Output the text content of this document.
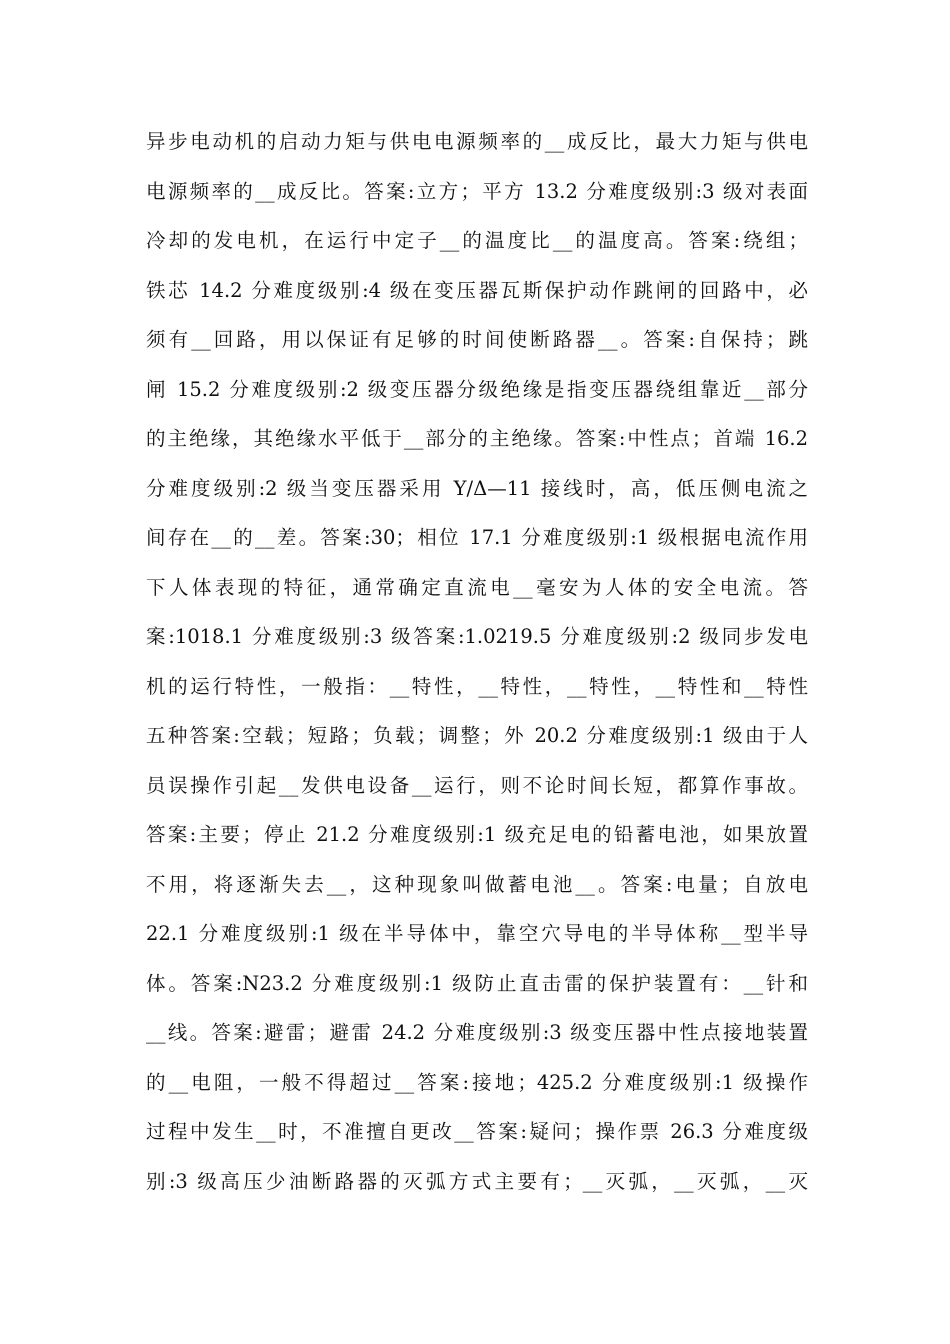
异步电动机的启动力矩与供电电源频率的__成反比，最大力矩与供电
电源频率的__成反比。答案:立方；平方 13.2 分难度级别:3 级对表面
冷却的发电机，在运行中定子__的温度比__的温度高。答案:绕组；
铁芯 14.2 分难度级别:4 级在变压器瓦斯保护动作跳闸的回路中，必
须有__回路，用以保证有足够的时间使断路器__。答案:自保持；跳
闸 15.2 分难度级别:2 级变压器分级绝缘是指变压器绕组靠近__部分
的主绝缘，其绝缘水平低于__部分的主绝缘。答案:中性点；首端 16.2
分难度级别:2 级当变压器采用 Y/Δ—11 接线时，高，低压侧电流之
间存在__的__差。答案:30；相位 17.1 分难度级别:1 级根据电流作用
下人体表现的特征，通常确定直流电__毫安为人体的安全电流。答
案:1018.1 分难度级别:3 级答案:1.0219.5 分难度级别:2 级同步发电
机的运行特性，一般指：__特性，__特性，__特性，__特性和__特性
五种答案:空载；短路；负载；调整；外 20.2 分难度级别:1 级由于人
员误操作引起__发供电设备__运行，则不论时间长短，都算作事故。
答案:主要；停止 21.2 分难度级别:1 级充足电的铅蓄电池，如果放置
不用，将逐渐失去__，这种现象叫做蓄电池__。答案:电量；自放电
22.1 分难度级别:1 级在半导体中，靠空穴导电的半导体称__型半导
体。答案:N23.2 分难度级别:1 级防止直击雷的保护装置有：__针和
__线。答案:避雷；避雷 24.2 分难度级别:3 级变压器中性点接地装置
的__电阻，一般不得超过__答案:接地；425.2 分难度级别:1 级操作
过程中发生__时，不准擅自更改__答案:疑问；操作票 26.3 分难度级
别:3 级高压少油断路器的灭弧方式主要有；__灭弧，__灭弧，__灭
